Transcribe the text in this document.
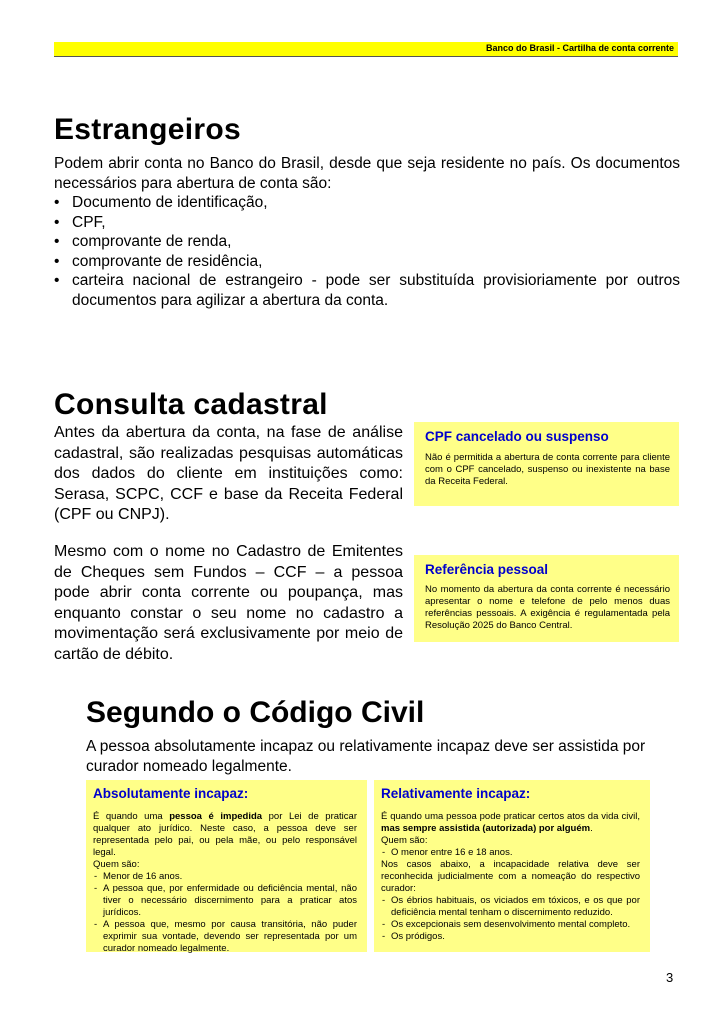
Banco do Brasil - Cartilha de conta corrente
Estrangeiros
Podem abrir conta no Banco do Brasil, desde que seja residente no país. Os documentos necessários para abertura de conta são:
• Documento de identificação,
• CPF,
• comprovante de renda,
• comprovante de residência,
• carteira nacional de estrangeiro - pode ser substituída provisioriamente por outros documentos para agilizar a abertura da conta.
Consulta cadastral
Antes da abertura da conta, na fase de análise cadastral, são realizadas pesquisas automáticas dos dados do cliente em instituições como: Serasa, SCPC, CCF e base da Receita Federal (CPF ou CNPJ).
Mesmo com o nome no Cadastro de Emitentes de Cheques sem Fundos – CCF – a pessoa pode abrir conta corrente ou poupança, mas enquanto constar o seu nome no cadastro a movimentação será exclusivamente por meio de cartão de débito.
CPF cancelado ou suspenso
Não é permitida a abertura de conta corrente para cliente com o CPF cancelado, suspenso ou inexistente na base da Receita Federal.
Referência pessoal
No momento da abertura da conta corrente é necessário apresentar o nome e telefone de pelo menos duas referências pessoais. A exigência é regulamentada pela Resolução 2025 do Banco Central.
Segundo o Código Civil
A pessoa absolutamente incapaz ou relativamente incapaz deve ser assistida por curador nomeado legalmente.
Absolutamente incapaz:
É quando uma pessoa é impedida por Lei de praticar qualquer ato jurídico. Neste caso, a pessoa deve ser representada pelo pai, ou pela mãe, ou pelo responsável legal.
Quem são:
- Menor de 16 anos.
- A pessoa que, por enfermidade ou deficiência mental, não tiver o necessário discernimento para a praticar atos jurídicos.
- A pessoa que, mesmo por causa transitória, não puder exprimir sua vontade, devendo ser representada por um curador nomeado legalmente.
Relativamente incapaz:
É quando uma pessoa pode praticar certos atos da vida civil, mas sempre assistida (autorizada) por alguém.
Quem são:
- O menor entre 16 e 18 anos.
Nos casos abaixo, a incapacidade relativa deve ser reconhecida judicialmente com a nomeação do respectivo curador:
- Os ébrios habituais, os viciados em tóxicos, e os que por deficiência mental tenham o discernimento reduzido.
- Os excepcionais sem desenvolvimento mental completo.
- Os pródigos.
3
